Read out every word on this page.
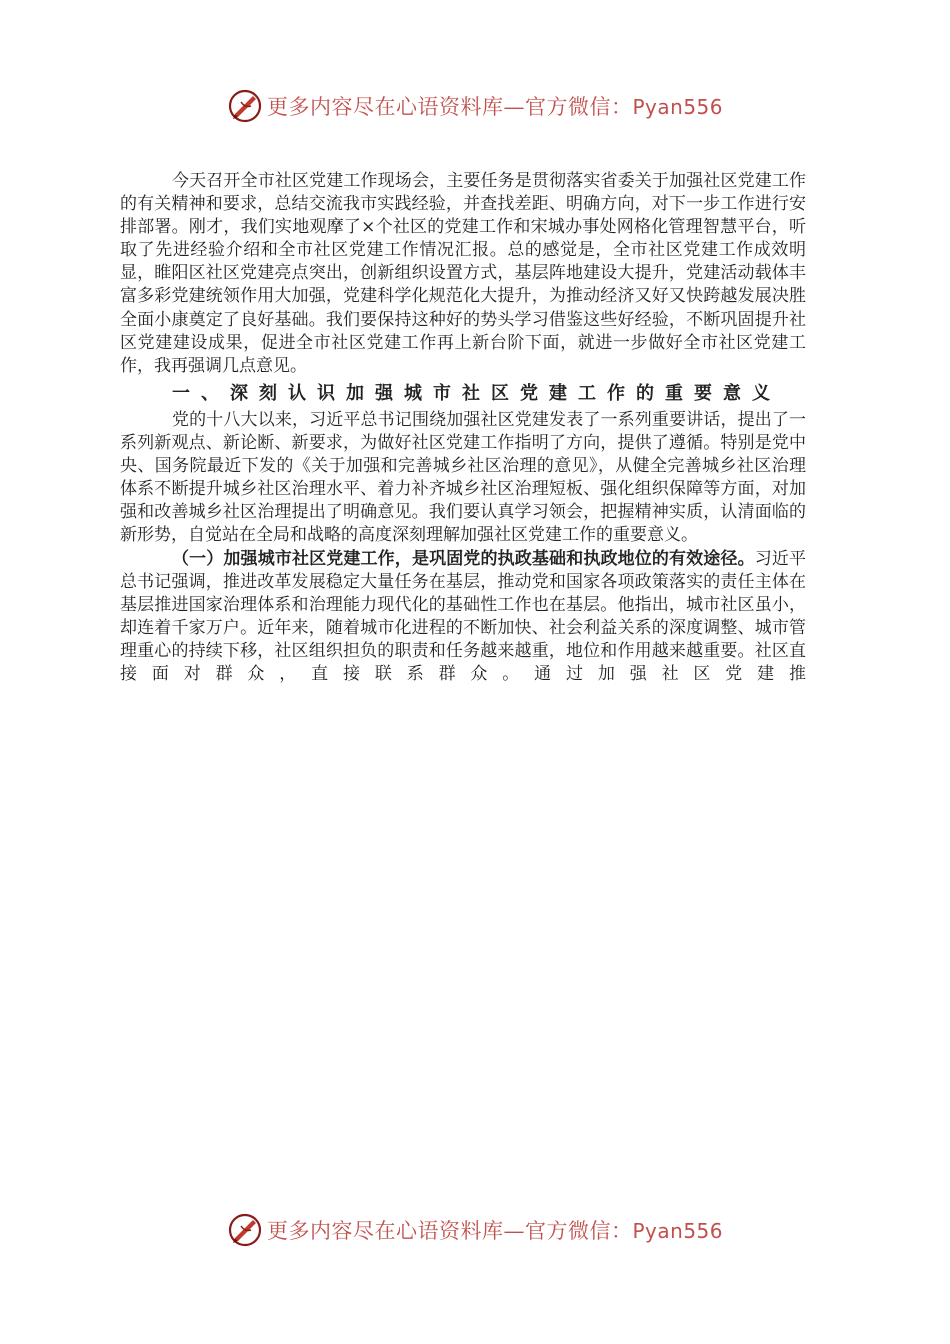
更多内容尽在心语资料库—官方微信：Pyan556

今天召开全市社区党建工作现场会，主要任务是贯彻落实省委关于加强社区党建工作的有关精神和要求，总结交流我市实践经验，并查找差距、明确方向，对下一步工作进行安排部署。刚才，我们实地观摩了×个社区的党建工作和宋城办事处网格化管理智慧平台，听取了先进经验介绍和全市社区党建工作情况汇报。总的感觉是，全市社区党建工作成效明显，睢阳区社区党建亮点突出，创新组织设置方式，基层阵地建设大提升，党建活动载体丰富多彩党建统领作用大加强，党建科学化规范化大提升，为推动经济又好又快跨越发展决胜全面小康奠定了良好基础。我们要保持这种好的势头学习借鉴这些好经验，不断巩固提升社区党建建设成果，促进全市社区党建工作再上新台阶下面，就进一步做好全市社区党建工作，我再强调几点意见。

一、深刻认识加强城市社区党建工作的重要意义

党的十八大以来，习近平总书记围绕加强社区党建发表了一系列重要讲话，提出了一系列新观点、新论断、新要求，为做好社区党建工作指明了方向，提供了遵循。特别是党中央、国务院最近下发的《关于加强和完善城乡社区治理的意见》，从健全完善城乡社区治理体系不断提升城乡社区治理水平、着力补齐城乡社区治理短板、强化组织保障等方面，对加强和改善城乡社区治理提出了明确意见。我们要认真学习领会，把握精神实质，认清面临的新形势，自觉站在全局和战略的高度深刻理解加强社区党建工作的重要意义。

（一）加强城市社区党建工作，是巩固党的执政基础和执政地位的有效途径。习近平总书记强调，推进改革发展稳定大量任务在基层，推动党和国家各项政策落实的责任主体在基层推进国家治理体系和治理能力现代化的基础性工作也在基层。他指出，城市社区虽小，却连着千家万户。近年来，随着城市化进程的不断加快、社会利益关系的深度调整、城市管理重心的持续下移，社区组织担负的职责和任务越来越重，地位和作用越来越重要。社区直接面对群众，直接联系群众。通过加强社区党建推

更多内容尽在心语资料库—官方微信：Pyan556
